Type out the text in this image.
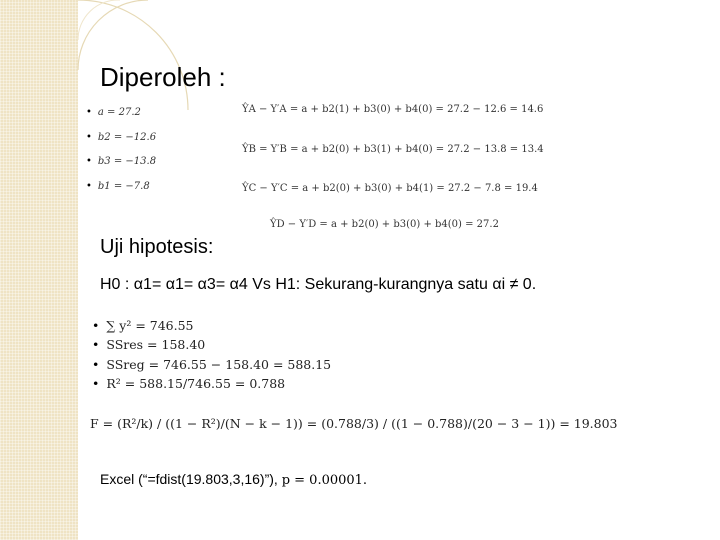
Diperoleh :
• a = 27.2
• b2 = −12.6
• b3 = −13.8
• b1 = −7.8
ŶA − Y′A = a + b2(1) + b3(0) + b4(0) = 27.2 − 12.6 = 14.6
ŶB = Y′B = a + b2(0) + b3(1) + b4(0) = 27.2 − 13.8 = 13.4
ŶC − Y′C = a + b2(0) + b3(0) + b4(1) = 27.2 − 7.8 = 19.4
ŶD − Y′D = a + b2(0) + b3(0) + b4(0) = 27.2
Uji hipotesis:
H0 : α1= α1= α3= α4 Vs H1: Sekurang-kurangnya satu αi ≠ 0.
• ∑ y² = 746.55
• SSres = 158.40
• SSreg = 746.55 − 158.40 = 588.15
• R² = 588.15/746.55 = 0.788
F = (R²/k) / ((1 − R²)/(N − k − 1)) = (0.788/3) / ((1 − 0.788)/(20 − 3 − 1)) = 19.803
Excel (“=fdist(19.803,3,16)”), p = 0.00001.
